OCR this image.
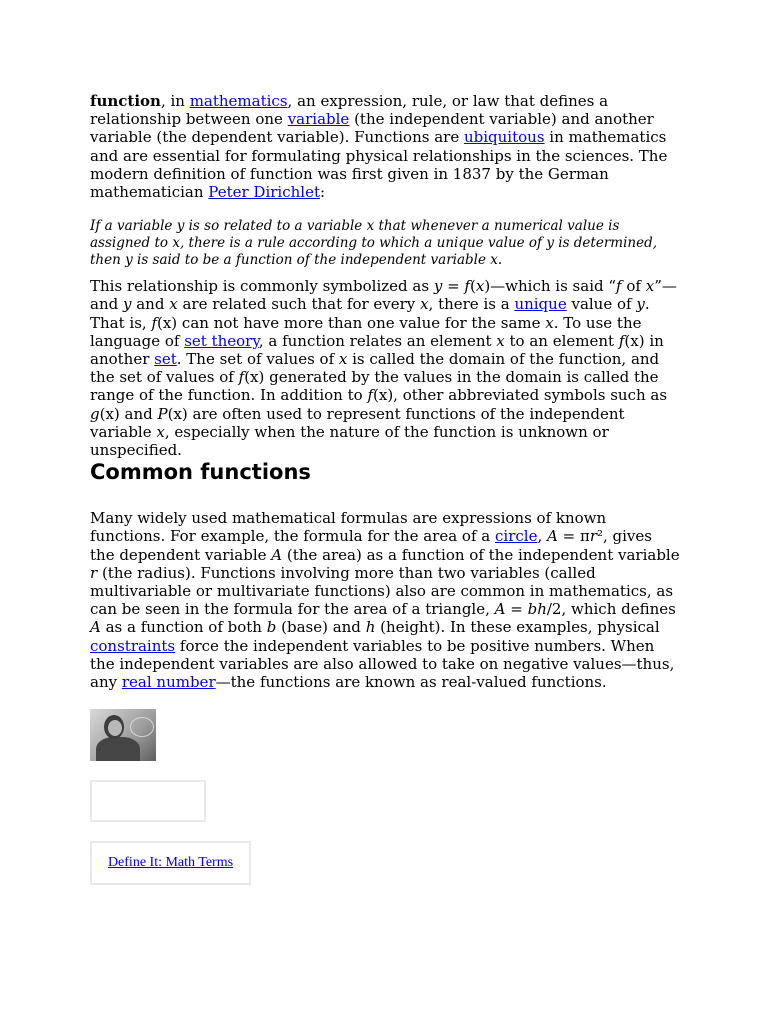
function, in mathematics, an expression, rule, or law that defines a relationship between one variable (the independent variable) and another variable (the dependent variable). Functions are ubiquitous in mathematics and are essential for formulating physical relationships in the sciences. The modern definition of function was first given in 1837 by the German mathematician Peter Dirichlet:

If a variable y is so related to a variable x that whenever a numerical value is assigned to x, there is a rule according to which a unique value of y is determined, then y is said to be a function of the independent variable x.

This relationship is commonly symbolized as y = f(x)—which is said “f of x”—and y and x are related such that for every x, there is a unique value of y. That is, f(x) can not have more than one value for the same x. To use the language of set theory, a function relates an element x to an element f(x) in another set. The set of values of x is called the domain of the function, and the set of values of f(x) generated by the values in the domain is called the range of the function. In addition to f(x), other abbreviated symbols such as g(x) and P(x) are often used to represent functions of the independent variable x, especially when the nature of the function is unknown or unspecified.

Common functions

Many widely used mathematical formulas are expressions of known functions. For example, the formula for the area of a circle, A = πr², gives the dependent variable A (the area) as a function of the independent variable r (the radius). Functions involving more than two variables (called multivariable or multivariate functions) also are common in mathematics, as can be seen in the formula for the area of a triangle, A = bh/2, which defines A as a function of both b (base) and h (height). In these examples, physical constraints force the independent variables to be positive numbers. When the independent variables are also allowed to take on negative values—thus, any real number—the functions are known as real-valued functions.

Define It: Math Terms
